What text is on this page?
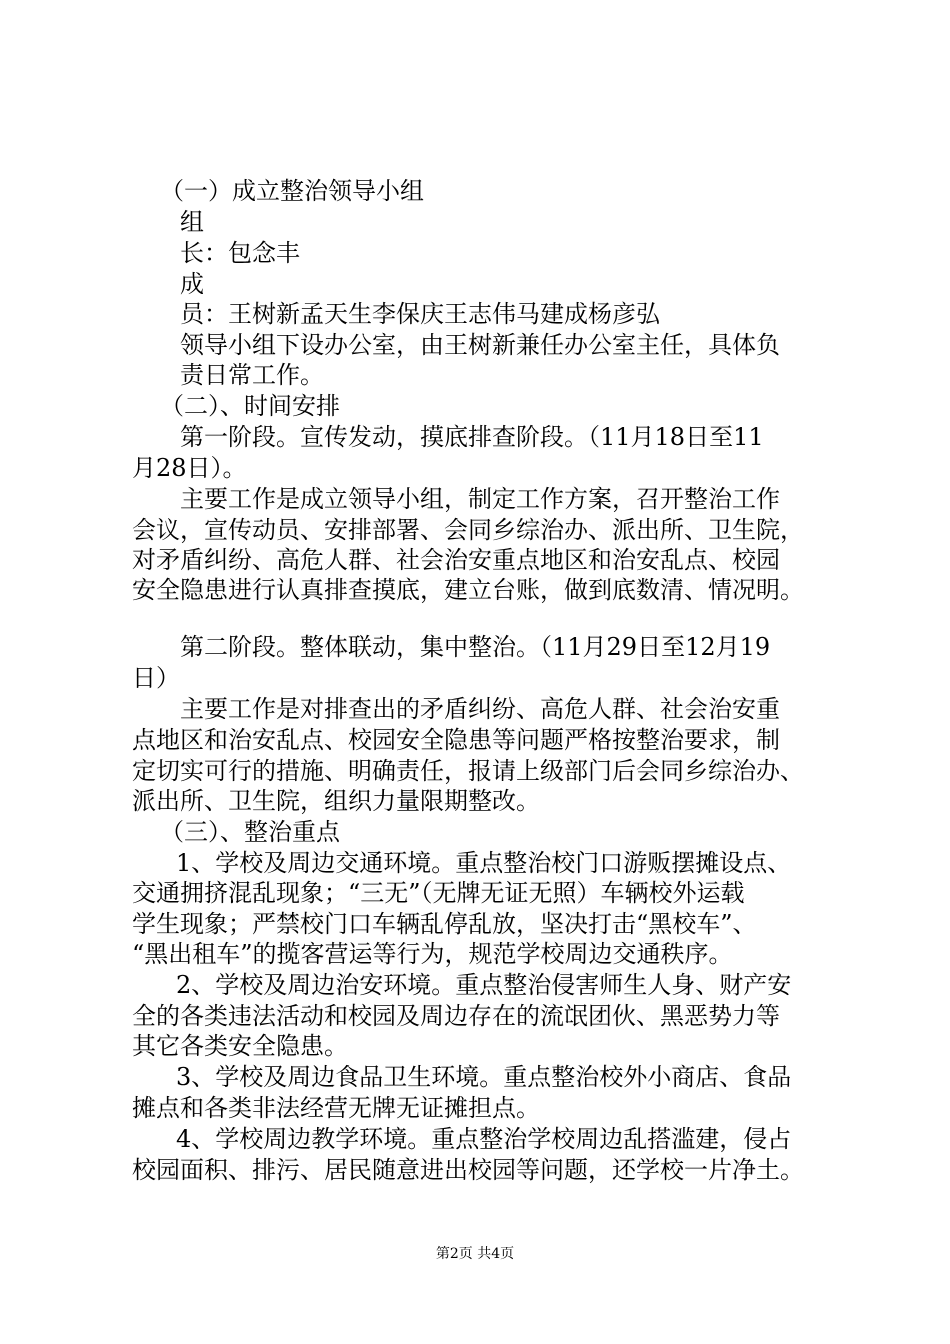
（一）成立整治领导小组
组
长：包念丰
成
员：王树新孟天生李保庆王志伟马建成杨彦弘
领导小组下设办公室，由王树新兼任办公室主任，具体负
责日常工作。
（二）、时间安排
第一阶段。宣传发动，摸底排查阶段。（11月18日至11
月28日）。
主要工作是成立领导小组，制定工作方案，召开整治工作
会议，宣传动员、安排部署、会同乡综治办、派出所、卫生院，
对矛盾纠纷、高危人群、社会治安重点地区和治安乱点、校园
安全隐患进行认真排查摸底，建立台账，做到底数清、情况明。
第二阶段。整体联动，集中整治。（11月29日至12月19
日）
主要工作是对排查出的矛盾纠纷、高危人群、社会治安重
点地区和治安乱点、校园安全隐患等问题严格按整治要求，制
定切实可行的措施、明确责任，报请上级部门后会同乡综治办、
派出所、卫生院，组织力量限期整改。
（三）、整治重点
1、学校及周边交通环境。重点整治校门口游贩摆摊设点、
交通拥挤混乱现象；“三无”（无牌无证无照）车辆校外运载
学生现象；严禁校门口车辆乱停乱放，坚决打击“黑校车”、
“黑出租车”的揽客营运等行为，规范学校周边交通秩序。
2、学校及周边治安环境。重点整治侵害师生人身、财产安
全的各类违法活动和校园及周边存在的流氓团伙、黑恶势力等
其它各类安全隐患。
3、学校及周边食品卫生环境。重点整治校外小商店、食品
摊点和各类非法经营无牌无证摊担点。
4、学校周边教学环境。重点整治学校周边乱搭滥建，侵占
校园面积、排污、居民随意进出校园等问题，还学校一片净土。
第2页 共4页
